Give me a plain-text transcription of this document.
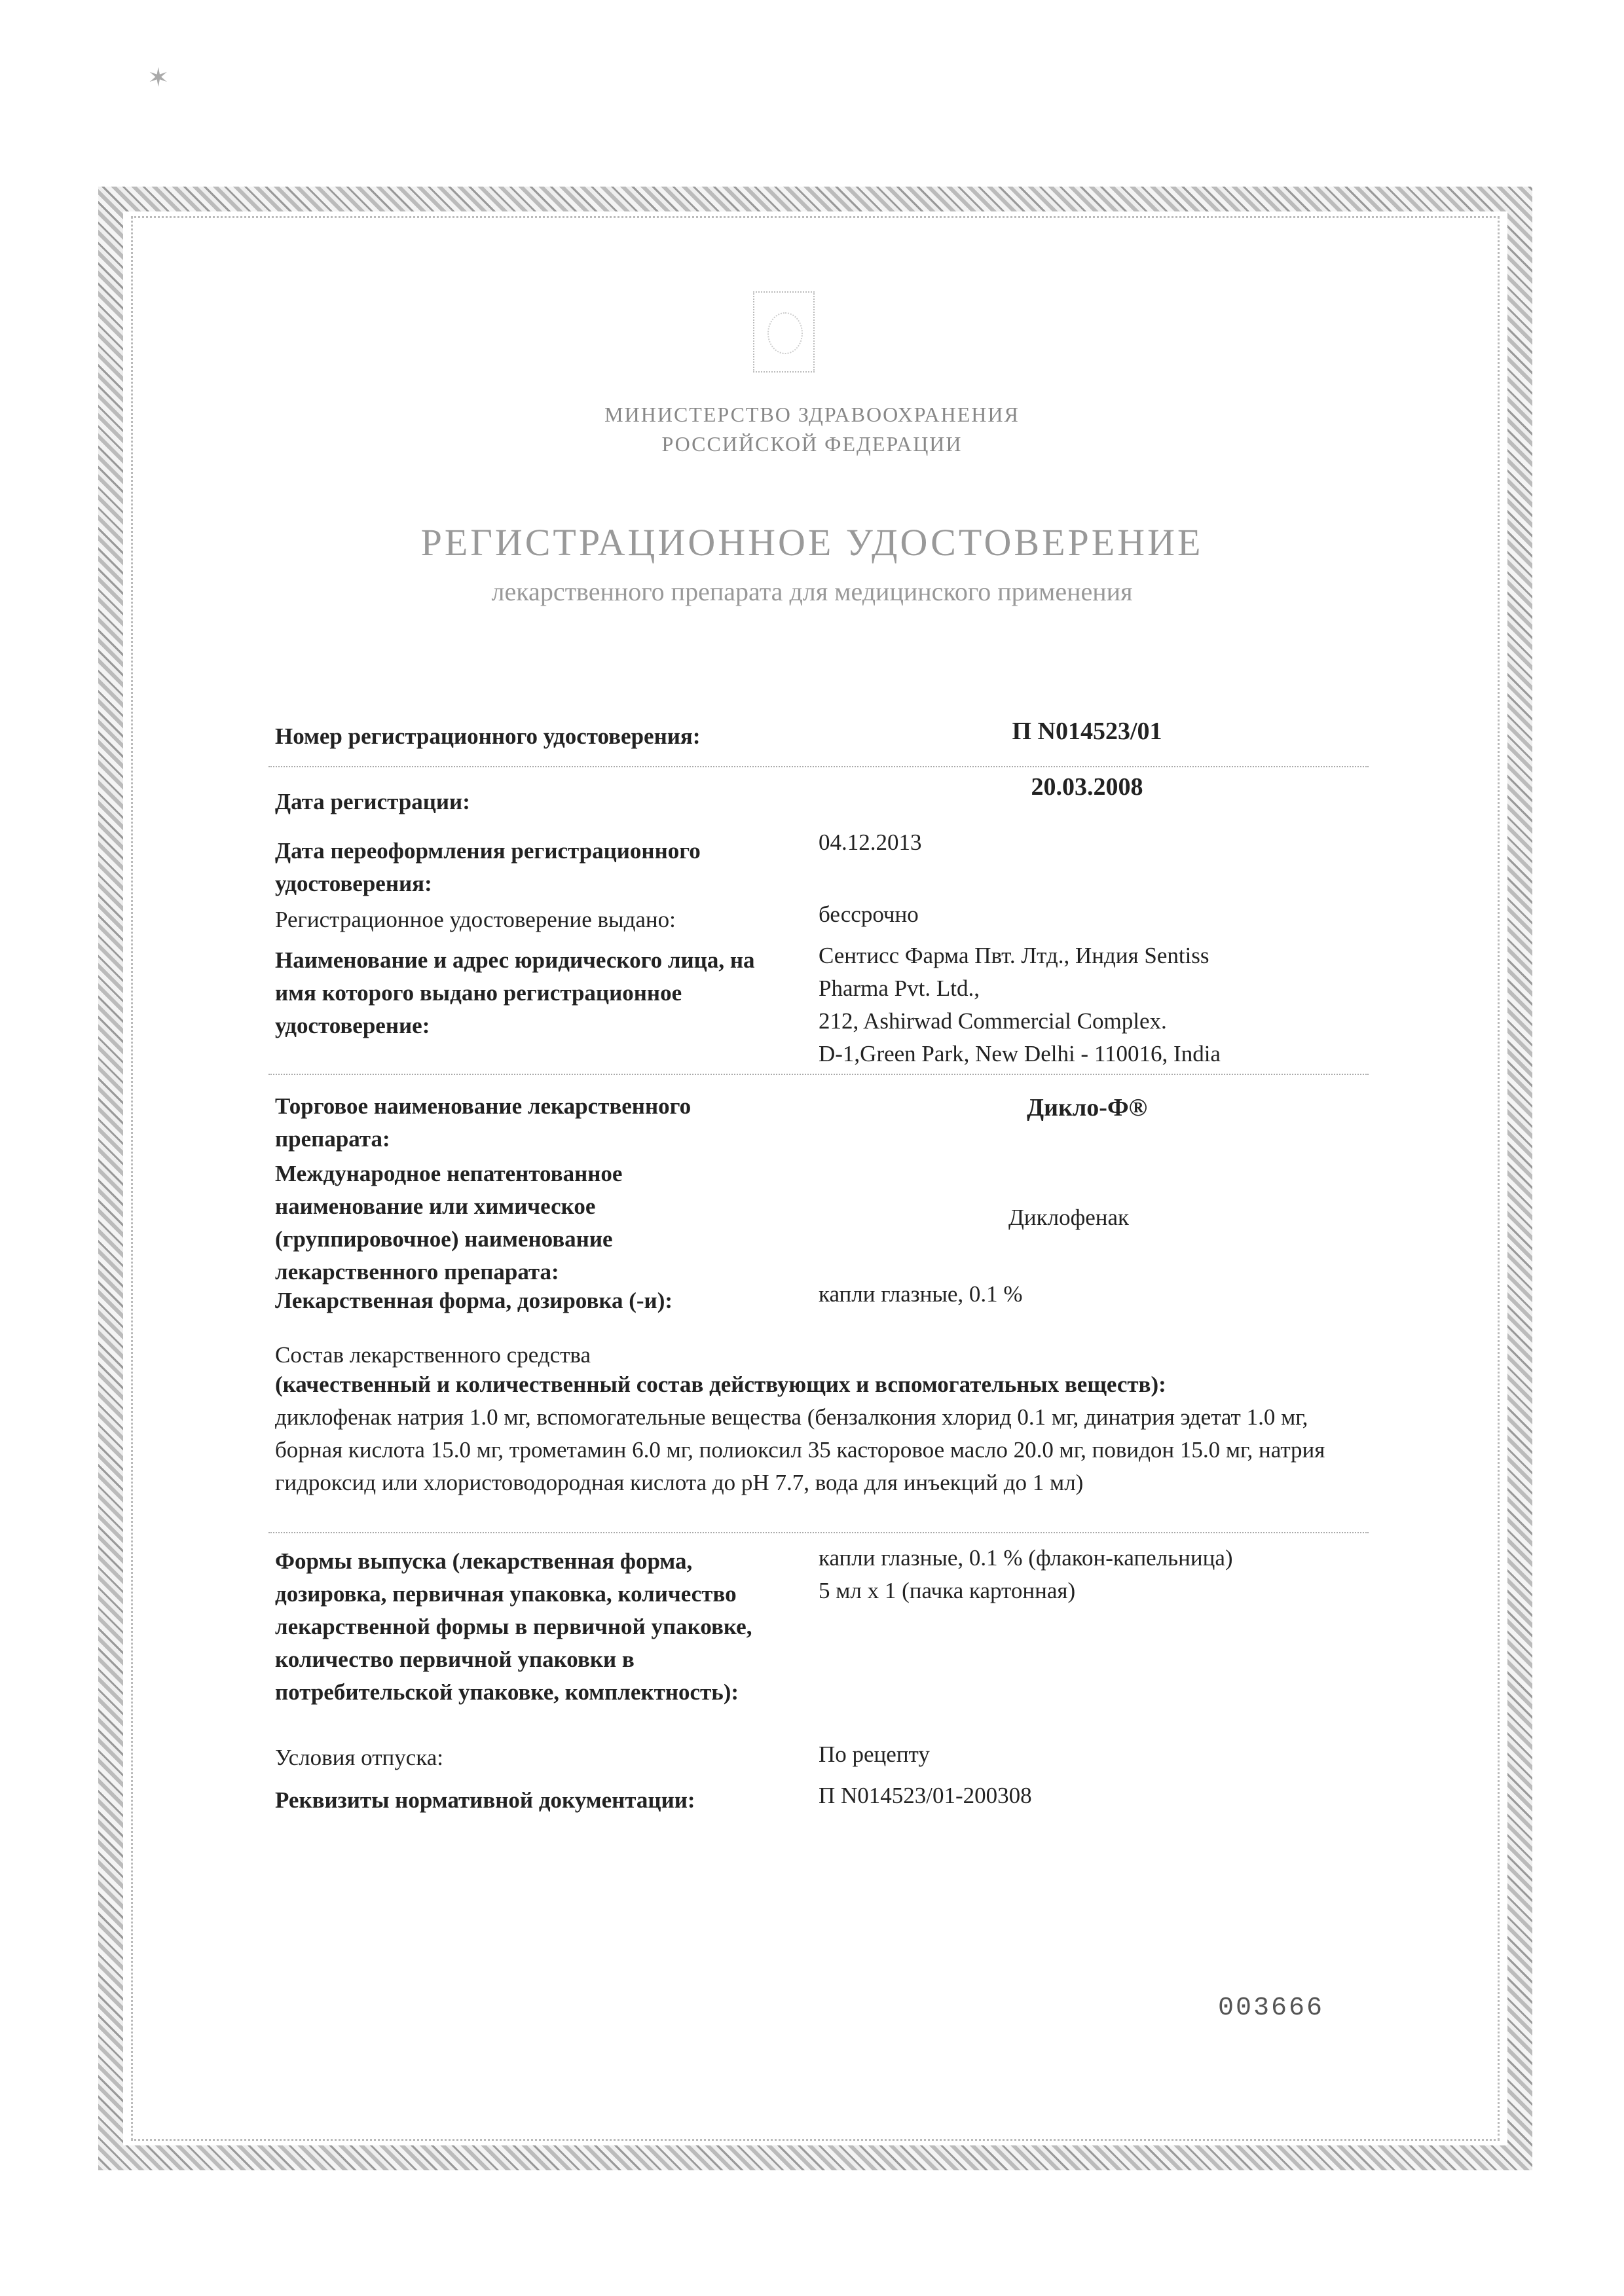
✶
МИНИСТЕРСТВО ЗДРАВООХРАНЕНИЯ
РОССИЙСКОЙ ФЕДЕРАЦИИ
РЕГИСТРАЦИОННОЕ УДОСТОВЕРЕНИЕ
лекарственного препарата для медицинского применения
Номер регистрационного удостоверения:	П N014523/01
Дата регистрации:
20.03.2008
Дата переоформления регистрационного удостоверения:
04.12.2013
Регистрационное удостоверение выдано:	бессрочно
Наименование и адрес юридического лица, на имя которого выдано регистрационное удостоверение:
Сентисс Фарма Пвт. Лтд., Индия Sentiss
Pharma Pvt. Ltd.,
212, Ashirwad Commercial Complex.
D-1,Green Park, New Delhi - 110016, India
Торговое наименование лекарственного препарата:
Дикло-Ф®
Международное непатентованное наименование или химическое (группировочное) наименование лекарственного препарата:
Диклофенак
Лекарственная форма, дозировка (-и):	капли глазные, 0.1 %
Состав лекарственного средства
(качественный и количественный состав действующих и вспомогательных веществ):
диклофенак натрия 1.0 мг, вспомогательные вещества (бензалкония хлорид 0.1 мг, динатрия эдетат 1.0 мг, борная кислота 15.0 мг, трометамин 6.0 мг, полиоксил 35 касторовое масло 20.0 мг, повидон 15.0 мг, натрия гидроксид или хлористоводородная кислота до pH 7.7, вода для инъекций до 1 мл)
Формы выпуска (лекарственная форма, дозировка, первичная упаковка, количество лекарственной формы в первичной упаковке, количество первичной упаковки в потребительской упаковке, комплектность):
капли глазные, 0.1 % (флакон-капельница)
5 мл х 1 (пачка картонная)
Условия отпуска:	По рецепту
Реквизиты нормативной документации:	П N014523/01-200308
003666
